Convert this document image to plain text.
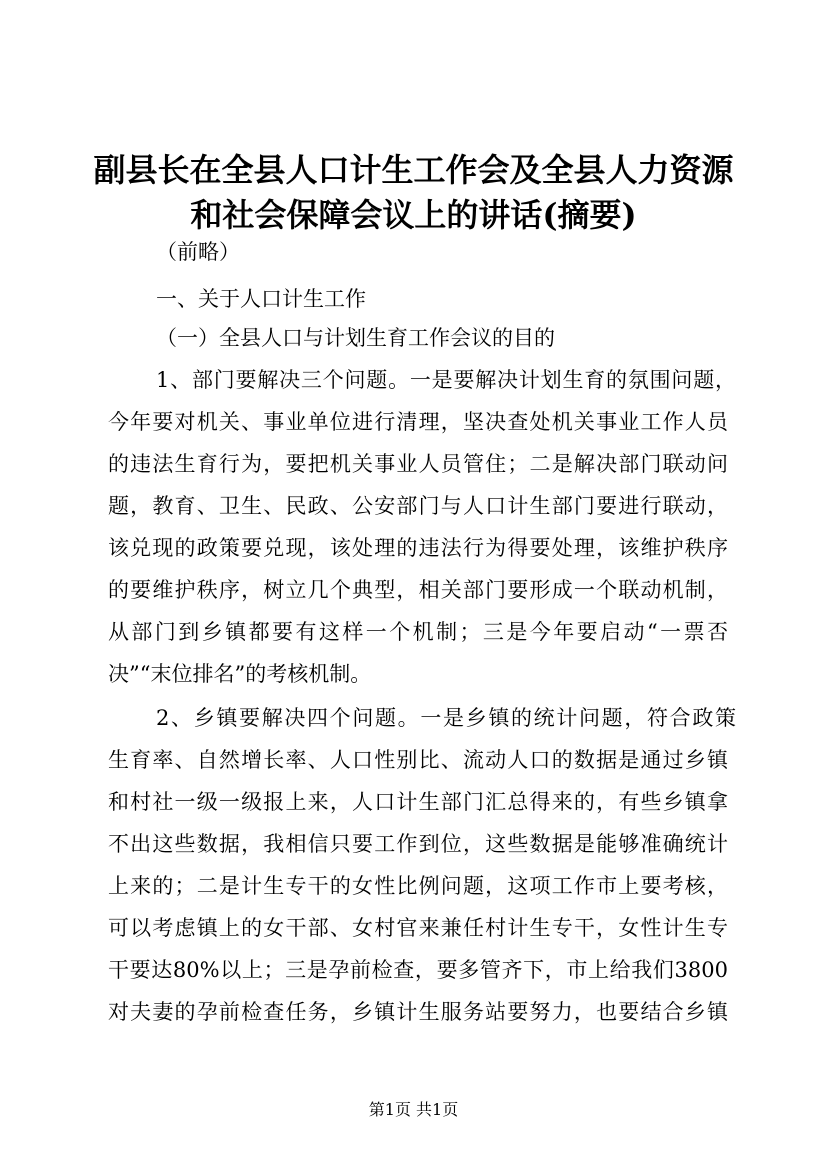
副县长在全县人口计生工作会及全县人力资源
和社会保障会议上的讲话(摘要)
（前略）
一、关于人口计生工作
（一）全县人口与计划生育工作会议的目的
1、部门要解决三个问题。一是要解决计划生育的氛围问题，
今年要对机关、事业单位进行清理，坚决查处机关事业工作人员
的违法生育行为，要把机关事业人员管住；二是解决部门联动问
题，教育、卫生、民政、公安部门与人口计生部门要进行联动，
该兑现的政策要兑现，该处理的违法行为得要处理，该维护秩序
的要维护秩序，树立几个典型，相关部门要形成一个联动机制，
从部门到乡镇都要有这样一个机制；三是今年要启动“一票否
决”“末位排名”的考核机制。
2、乡镇要解决四个问题。一是乡镇的统计问题，符合政策
生育率、自然增长率、人口性别比、流动人口的数据是通过乡镇
和村社一级一级报上来，人口计生部门汇总得来的，有些乡镇拿
不出这些数据，我相信只要工作到位，这些数据是能够准确统计
上来的；二是计生专干的女性比例问题，这项工作市上要考核，
可以考虑镇上的女干部、女村官来兼任村计生专干，女性计生专
干要达80%以上；三是孕前检查，要多管齐下，市上给我们3800
对夫妻的孕前检查任务，乡镇计生服务站要努力，也要结合乡镇
第1页 共1页
